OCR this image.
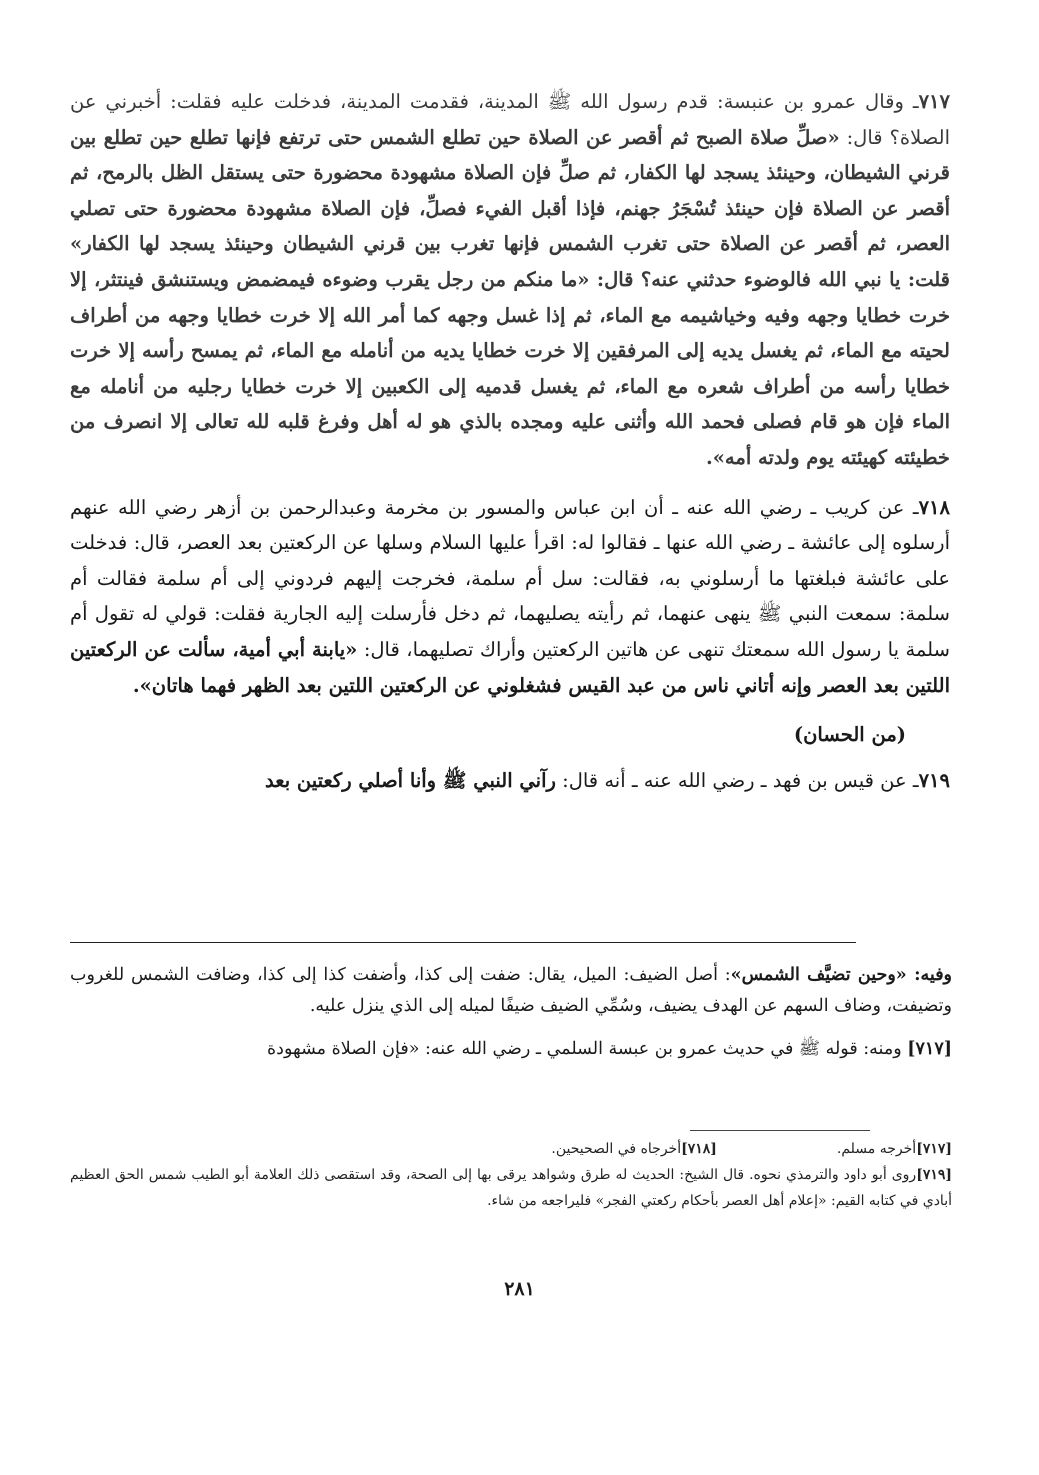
٧١٧ـ وقال عمرو بن عنبسة: قدم رسول الله ﷺ المدينة، فقدمت المدينة، فدخلت عليه فقلت: أخبرني عن الصلاة؟ قال: «صلِّ صلاة الصبح ثم أقصر عن الصلاة حين تطلع الشمس حتى ترتفع فإنها تطلع حين تطلع بين قرني الشيطان، وحينئذ يسجد لها الكفار، ثم صلِّ فإن الصلاة مشهودة محضورة حتى يستقل الظل بالرمح، ثم أقصر عن الصلاة فإن حينئذ تُسْجَرُ جهنم، فإذا أقبل الفيء فصلِّ، فإن الصلاة مشهودة محضورة حتى تصلي العصر، ثم أقصر عن الصلاة حتى تغرب الشمس فإنها تغرب بين قرني الشيطان وحينئذ يسجد لها الكفار» قلت: يا نبي الله فالوضوء حدثني عنه؟ قال: «ما منكم من رجل يقرب وضوءه فيمضمض ويستنشق فينتثر، إلا خرت خطايا وجهه وفيه وخياشيمه مع الماء، ثم إذا غسل وجهه كما أمر الله إلا خرت خطايا وجهه من أطراف لحيته مع الماء، ثم يغسل يديه إلى المرفقين إلا خرت خطايا يديه من أنامله مع الماء، ثم يمسح رأسه إلا خرت خطايا رأسه من أطراف شعره مع الماء، ثم يغسل قدميه إلى الكعبين إلا خرت خطايا رجليه من أنامله مع الماء فإن هو قام فصلى فحمد الله وأثنى عليه ومجده بالذي هو له أهل وفرغ قلبه لله تعالى إلا انصرف من خطيئته كهيئته يوم ولدته أمه».

٧١٨ـ عن كريب ـ رضي الله عنه ـ أن ابن عباس والمسور بن مخرمة وعبدالرحمن بن أزهر رضي الله عنهم أرسلوه إلى عائشة ـ رضي الله عنها ـ فقالوا له: اقرأ عليها السلام وسلها عن الركعتين بعد العصر، قال: فدخلت على عائشة فبلغتها ما أرسلوني به، فقالت: سل أم سلمة، فخرجت إليهم فردوني إلى أم سلمة فقالت أم سلمة: سمعت النبي ﷺ ينهى عنهما، ثم رأيته يصليهما، ثم دخل فأرسلت إليه الجارية فقلت: قولي له تقول أم سلمة يا رسول الله سمعتك تنهى عن هاتين الركعتين وأراك تصليهما، قال: «يابنة أبي أمية، سألت عن الركعتين اللتين بعد العصر وإنه أتاني ناس من عبد القيس فشغلوني عن الركعتين اللتين بعد الظهر فهما هاتان».

(من الحسان)

٧١٩ـ عن قيس بن فهد ـ رضي الله عنه ـ أنه قال: رآني النبي ﷺ وأنا أصلي ركعتين بعد

وفيه: «وحين تضيَّف الشمس»: أصل الضيف: الميل، يقال: ضفت إلى كذا، وأضفت كذا إلى كذا، وضافت الشمس للغروب وتضيفت، وضاف السهم عن الهدف يضيف، وسُمِّي الضيف ضيفًا لميله إلى الذي ينزل عليه.

[٧١٧] ومنه: قوله ﷺ في حديث عمرو بن عبسة السلمي ـ رضي الله عنه: «فإن الصلاة مشهودة

[٧١٧]أخرجه مسلم.[٧١٨]أخرجاه في الصحيحين.

[٧١٩]روى أبو داود والترمذي نحوه. قال الشيخ: الحديث له طرق وشواهد يرقى بها إلى الصحة، وقد استقصى ذلك العلامة أبو الطيب شمس الحق العظيم أبادي في كتابه القيم: «إعلام أهل العصر بأحكام ركعتي الفجر» فليراجعه من شاء.

٢٨١
